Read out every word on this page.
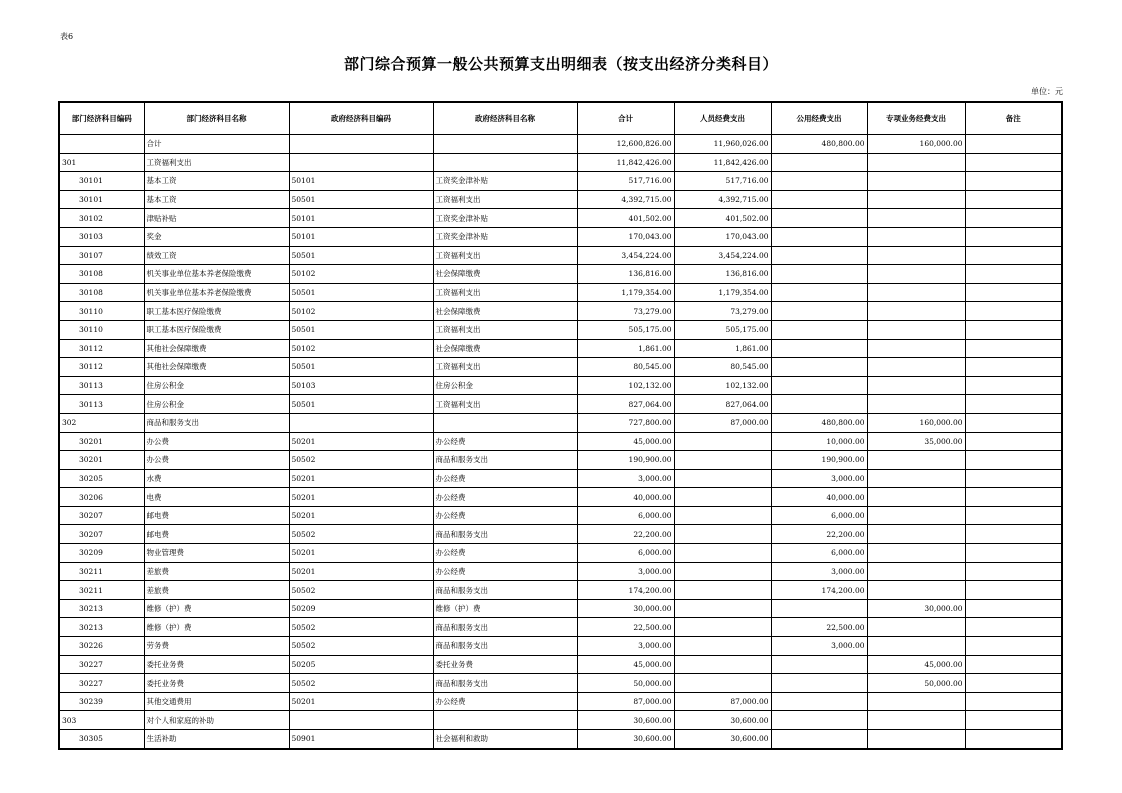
表6
部门综合预算一般公共预算支出明细表（按支出经济分类科目）
单位：元
部门经济科目编码	部门经济科目名称	政府经济科目编码	政府经济科目名称	合计	人员经费支出	公用经费支出	专项业务经费支出	备注
	合计			12,600,826.00	11,960,026.00	480,800.00	160,000.00	
301	工资福利支出			11,842,426.00	11,842,426.00			
30101	基本工资	50101	工资奖金津补贴	517,716.00	517,716.00			
30101	基本工资	50501	工资福利支出	4,392,715.00	4,392,715.00			
30102	津贴补贴	50101	工资奖金津补贴	401,502.00	401,502.00			
30103	奖金	50101	工资奖金津补贴	170,043.00	170,043.00			
30107	绩效工资	50501	工资福利支出	3,454,224.00	3,454,224.00			
30108	机关事业单位基本养老保险缴费	50102	社会保障缴费	136,816.00	136,816.00			
30108	机关事业单位基本养老保险缴费	50501	工资福利支出	1,179,354.00	1,179,354.00			
30110	职工基本医疗保险缴费	50102	社会保障缴费	73,279.00	73,279.00			
30110	职工基本医疗保险缴费	50501	工资福利支出	505,175.00	505,175.00			
30112	其他社会保障缴费	50102	社会保障缴费	1,861.00	1,861.00			
30112	其他社会保障缴费	50501	工资福利支出	80,545.00	80,545.00			
30113	住房公积金	50103	住房公积金	102,132.00	102,132.00			
30113	住房公积金	50501	工资福利支出	827,064.00	827,064.00			
302	商品和服务支出			727,800.00	87,000.00	480,800.00	160,000.00	
30201	办公费	50201	办公经费	45,000.00		10,000.00	35,000.00	
30201	办公费	50502	商品和服务支出	190,900.00		190,900.00		
30205	水费	50201	办公经费	3,000.00		3,000.00		
30206	电费	50201	办公经费	40,000.00		40,000.00		
30207	邮电费	50201	办公经费	6,000.00		6,000.00		
30207	邮电费	50502	商品和服务支出	22,200.00		22,200.00		
30209	物业管理费	50201	办公经费	6,000.00		6,000.00		
30211	差旅费	50201	办公经费	3,000.00		3,000.00		
30211	差旅费	50502	商品和服务支出	174,200.00		174,200.00		
30213	维修（护）费	50209	维修（护）费	30,000.00			30,000.00	
30213	维修（护）费	50502	商品和服务支出	22,500.00		22,500.00		
30226	劳务费	50502	商品和服务支出	3,000.00		3,000.00		
30227	委托业务费	50205	委托业务费	45,000.00			45,000.00	
30227	委托业务费	50502	商品和服务支出	50,000.00			50,000.00	
30239	其他交通费用	50201	办公经费	87,000.00	87,000.00			
303	对个人和家庭的补助			30,600.00	30,600.00			
30305	生活补助	50901	社会福利和救助	30,600.00	30,600.00			
